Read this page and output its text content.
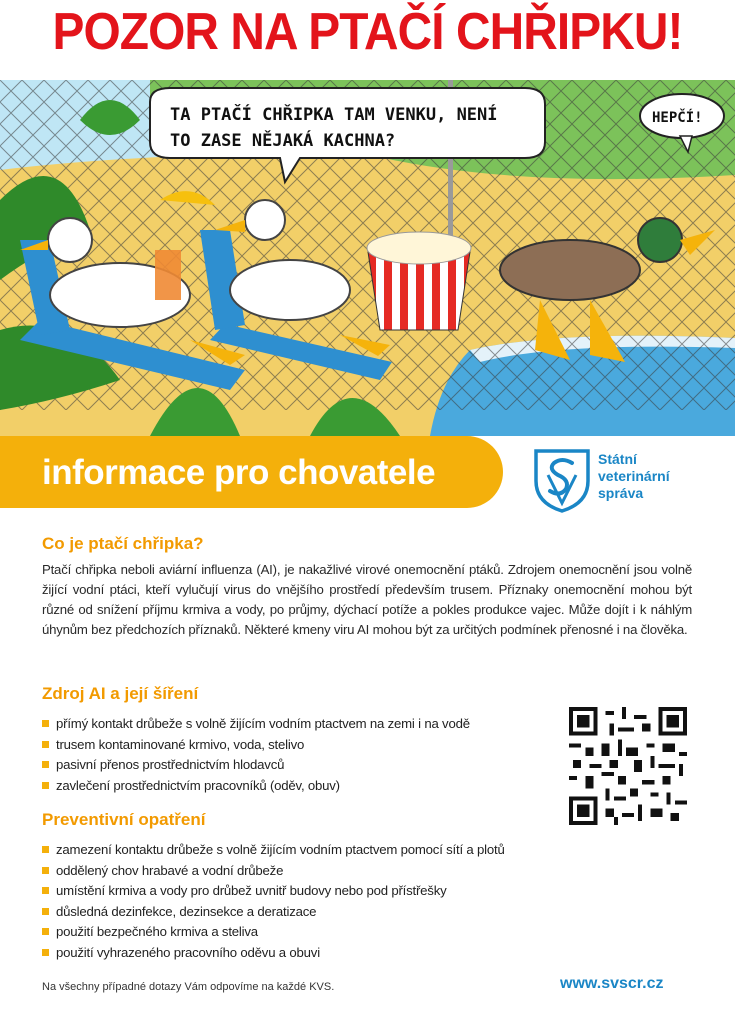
POZOR NA PTAČÍ CHŘIPKU!
TA PTAČÍ CHŘIPKA TAM VENKU, NENÍ
TO ZASE NĚJAKÁ KACHNA?
HEPČÍ!
informace pro chovatele	Státní
veterinární
správa
Co je ptačí chřipka?
Ptačí chřipka neboli aviární influenza (AI), je nakažlivé virové onemocnění ptáků. Zdrojem onemocnění jsou volně žijící vodní ptáci, kteří vylučují virus do vnějšího prostředí především trusem. Příznaky onemocnění mohou být různé od snížení příjmu krmiva a vody, po průjmy, dýchací potíže a pokles produkce vajec. Může dojít i k náhlým úhynům bez předchozích příznaků. Některé kmeny viru AI mohou být za určitých podmínek přenosné i na člověka.
Zdroj AI a její šíření
přímý kontakt drůbeže s volně žijícím vodním ptactvem na zemi i na vodě
trusem kontaminované krmivo, voda, stelivo
pasivní přenos prostřednictvím hlodavců
zavlečení prostřednictvím pracovníků (oděv, obuv)
Preventivní opatření
zamezení kontaktu drůbeže s volně žijícím vodním ptactvem pomocí sítí a plotů
oddělený chov hrabavé a vodní drůbeže
umístění krmiva a vody pro drůbež uvnitř budovy nebo pod přístřešky
důsledná dezinfekce, dezinsekce a deratizace
použití bezpečného krmiva a steliva
použití vyhrazeného pracovního oděvu a obuvi
Na všechny případné dotazy Vám odpovíme na každé KVS.	www.svscr.cz
